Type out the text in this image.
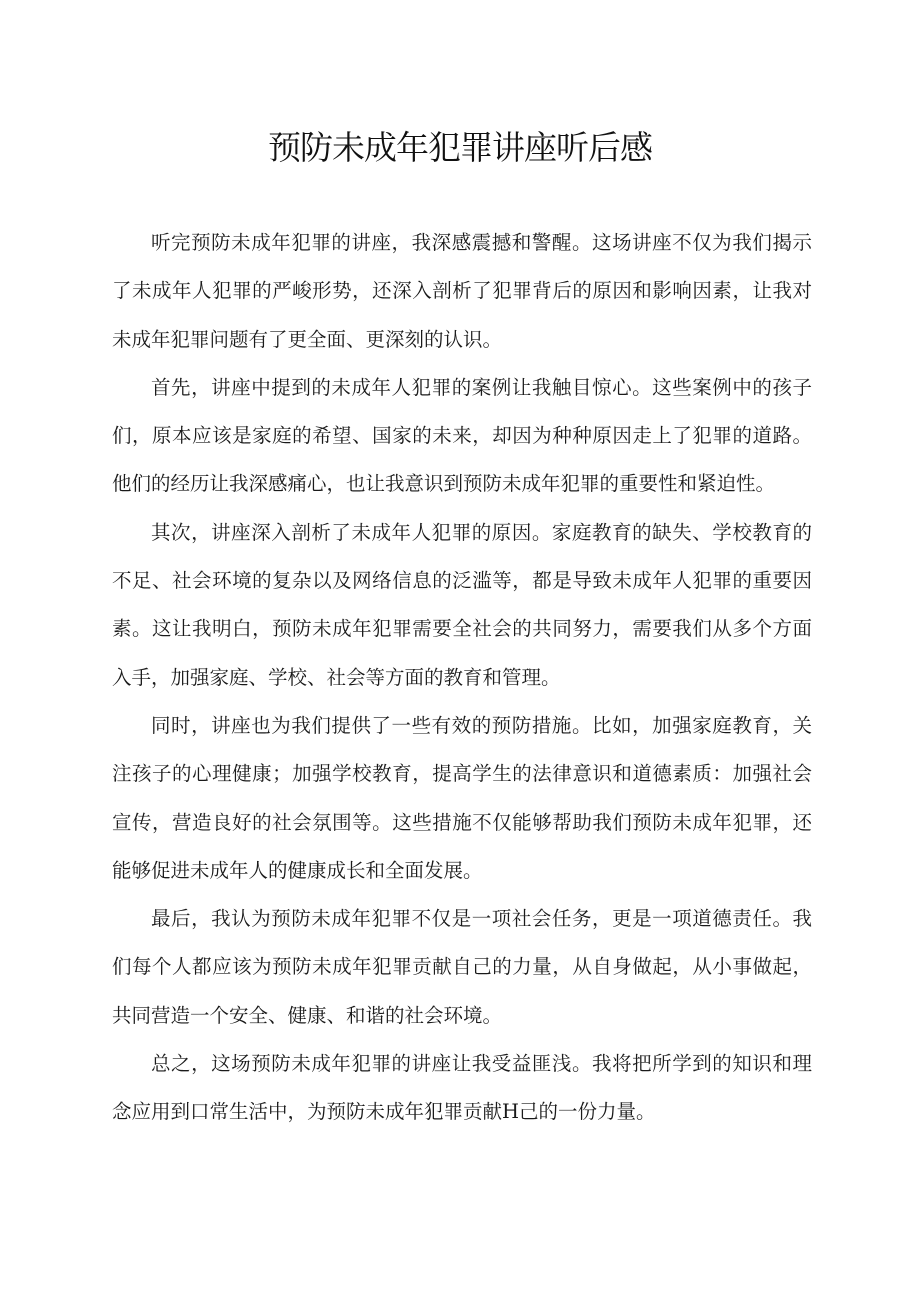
预防未成年犯罪讲座听后感

听完预防未成年犯罪的讲座，我深感震撼和警醒。这场讲座不仅为我们揭示了未成年人犯罪的严峻形势，还深入剖析了犯罪背后的原因和影响因素，让我对未成年犯罪问题有了更全面、更深刻的认识。

首先，讲座中提到的未成年人犯罪的案例让我触目惊心。这些案例中的孩子们，原本应该是家庭的希望、国家的未来，却因为种种原因走上了犯罪的道路。他们的经历让我深感痛心，也让我意识到预防未成年犯罪的重要性和紧迫性。

其次，讲座深入剖析了未成年人犯罪的原因。家庭教育的缺失、学校教育的不足、社会环境的复杂以及网络信息的泛滥等，都是导致未成年人犯罪的重要因素。这让我明白，预防未成年犯罪需要全社会的共同努力，需要我们从多个方面入手，加强家庭、学校、社会等方面的教育和管理。

同时，讲座也为我们提供了一些有效的预防措施。比如，加强家庭教育，关注孩子的心理健康；加强学校教育，提高学生的法律意识和道德素质：加强社会宣传，营造良好的社会氛围等。这些措施不仅能够帮助我们预防未成年犯罪，还能够促进未成年人的健康成长和全面发展。

最后，我认为预防未成年犯罪不仅是一项社会任务，更是一项道德责任。我们每个人都应该为预防未成年犯罪贡献自己的力量，从自身做起，从小事做起，共同营造一个安全、健康、和谐的社会环境。

总之，这场预防未成年犯罪的讲座让我受益匪浅。我将把所学到的知识和理念应用到口常生活中，为预防未成年犯罪贡献H己的一份力量。
